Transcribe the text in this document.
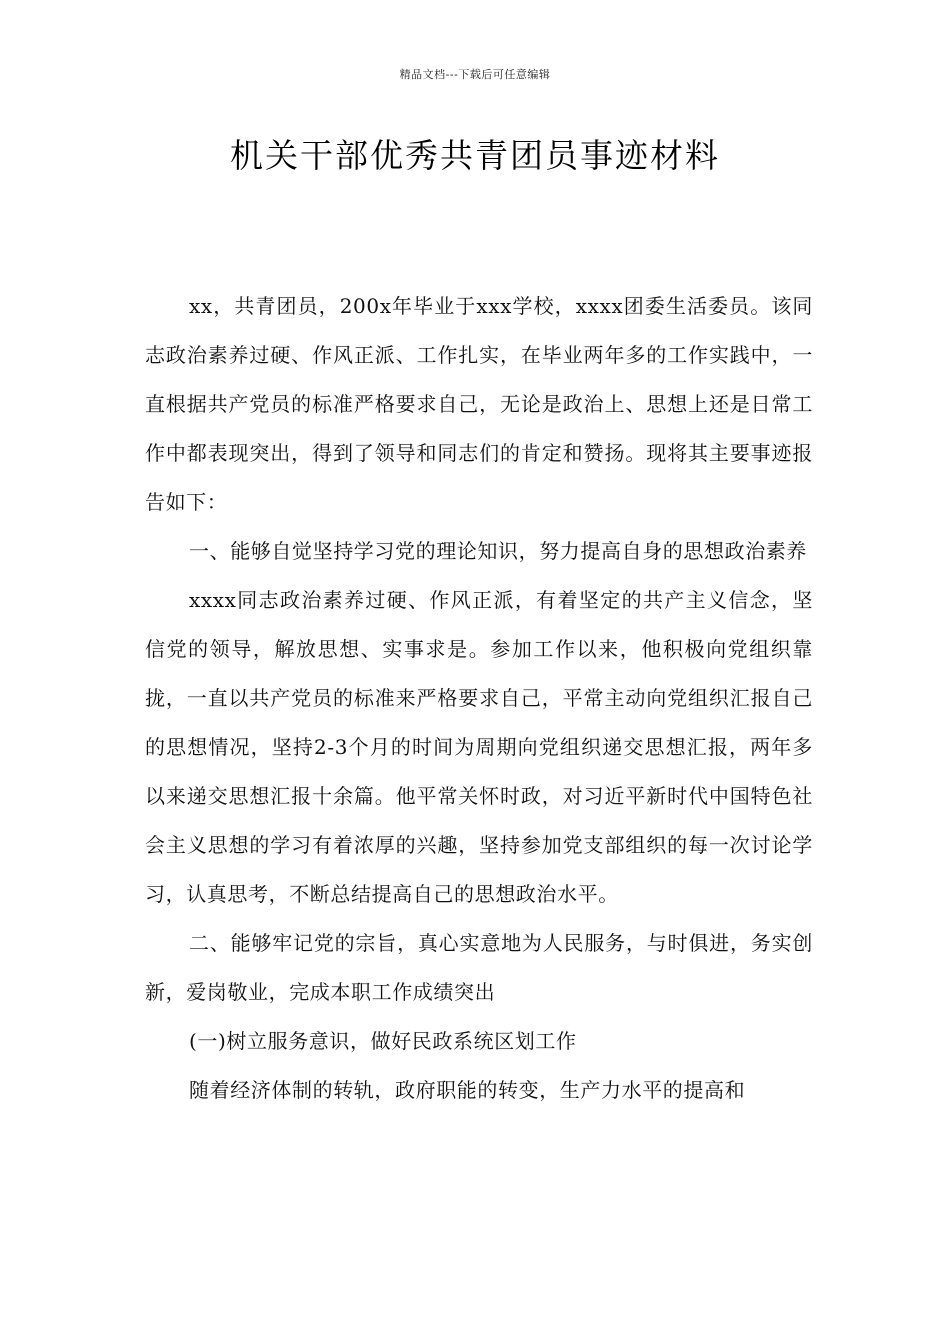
精品文档---下载后可任意编辑
机关干部优秀共青团员事迹材料

xx，共青团员，200x年毕业于xxx学校，xxxx团委生活委员。该同志政治素养过硬、作风正派、工作扎实，在毕业两年多的工作实践中，一直根据共产党员的标准严格要求自己，无论是政治上、思想上还是日常工作中都表现突出，得到了领导和同志们的肯定和赞扬。现将其主要事迹报告如下：

一、能够自觉坚持学习党的理论知识，努力提高自身的思想政治素养

xxxx同志政治素养过硬、作风正派，有着坚定的共产主义信念，坚信党的领导，解放思想、实事求是。参加工作以来，他积极向党组织靠拢，一直以共产党员的标准来严格要求自己，平常主动向党组织汇报自己的思想情况，坚持2-3个月的时间为周期向党组织递交思想汇报，两年多以来递交思想汇报十余篇。他平常关怀时政，对习近平新时代中国特色社会主义思想的学习有着浓厚的兴趣，坚持参加党支部组织的每一次讨论学习，认真思考，不断总结提高自己的思想政治水平。

二、能够牢记党的宗旨，真心实意地为人民服务，与时俱进，务实创新，爱岗敬业，完成本职工作成绩突出

(一)树立服务意识，做好民政系统区划工作

随着经济体制的转轨，政府职能的转变，生产力水平的提高和
